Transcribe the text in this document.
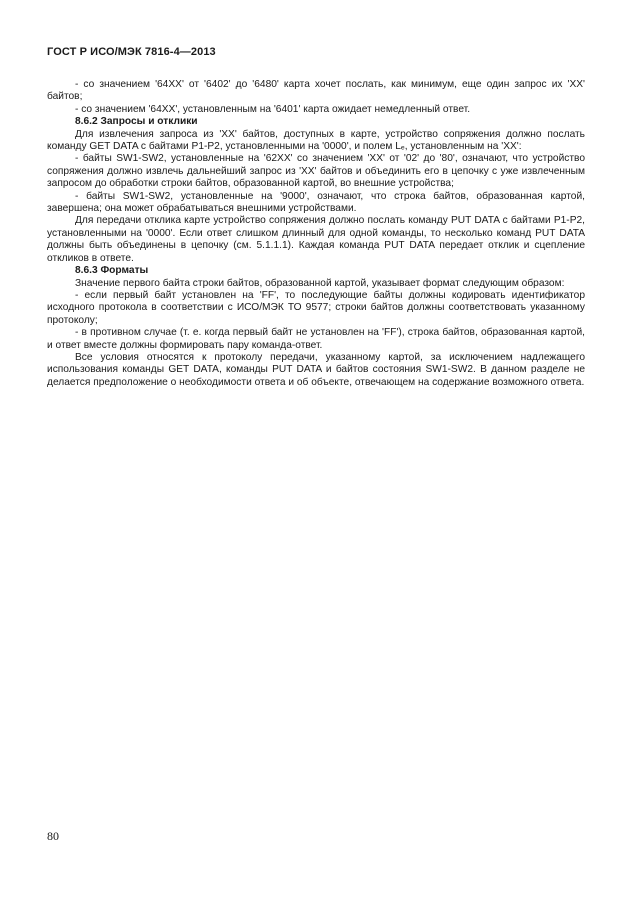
ГОСТ Р ИСО/МЭК 7816-4—2013

- со значением '64XX' от '6402' до '6480' карта хочет послать, как минимум, еще один запрос их 'XX' байтов;

- со значением '64XX', установленным на '6401' карта ожидает немедленный ответ.

8.6.2 Запросы и отклики

Для извлечения запроса из 'XX' байтов, доступных в карте, устройство сопряжения должно послать команду GET DATA с байтами P1-P2, установленными на '0000', и полем Lₑ, установленным на 'XX':

- байты SW1-SW2, установленные на '62XX' со значением 'XX' от '02' до '80', означают, что устройство сопряжения должно извлечь дальнейший запрос из 'XX' байтов и объединить его в цепочку с уже извлеченным запросом до обработки строки байтов, образованной картой, во внешние устройства;

- байты SW1-SW2, установленные на '9000', означают, что строка байтов, образованная картой, завершена; она может обрабатываться внешними устройствами.

Для передачи отклика карте устройство сопряжения должно послать команду PUT DATA с байтами P1-P2, установленными на '0000'. Если ответ слишком длинный для одной команды, то несколько команд PUT DATA должны быть объединены в цепочку (см. 5.1.1.1). Каждая команда PUT DATA передает отклик и сцепление откликов в ответе.

8.6.3 Форматы

Значение первого байта строки байтов, образованной картой, указывает формат следующим образом:

- если первый байт установлен на 'FF', то последующие байты должны кодировать идентификатор исходного протокола в соответствии с ИСО/МЭК ТО 9577; строки байтов должны соответствовать указанному протоколу;

- в противном случае (т. е. когда первый байт не установлен на 'FF'), строка байтов, образованная картой, и ответ вместе должны формировать пару команда-ответ.

Все условия относятся к протоколу передачи, указанному картой, за исключением надлежащего использования команды GET DATA, команды PUT DATA и байтов состояния SW1-SW2. В данном разделе не делается предположение о необходимости ответа и об объекте, отвечающем на содержание возможного ответа.

80
